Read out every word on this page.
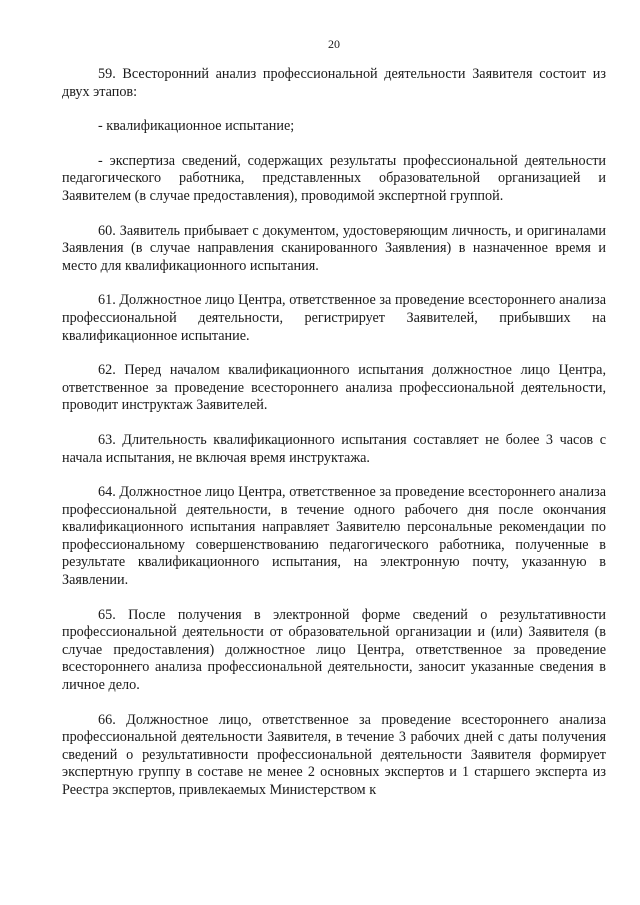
20

59. Всесторонний анализ профессиональной деятельности Заявителя состоит из двух этапов:

- квалификационное испытание;

- экспертиза сведений, содержащих результаты профессиональной деятельности педагогического работника, представленных образовательной организацией и Заявителем (в случае предоставления), проводимой экспертной группой.

60. Заявитель прибывает с документом, удостоверяющим личность, и оригиналами Заявления (в случае направления сканированного Заявления) в назначенное время и место для квалификационного испытания.

61. Должностное лицо Центра, ответственное за проведение всестороннего анализа профессиональной деятельности, регистрирует Заявителей, прибывших на квалификационное испытание.

62. Перед началом квалификационного испытания должностное лицо Центра, ответственное за проведение всестороннего анализа профессиональной деятельности, проводит инструктаж Заявителей.

63. Длительность квалификационного испытания составляет не более 3 часов с начала испытания, не включая время инструктажа.

64. Должностное лицо Центра, ответственное за проведение всестороннего анализа профессиональной деятельности, в течение одного рабочего дня после окончания квалификационного испытания направляет Заявителю персональные рекомендации по профессиональному совершенствованию педагогического работника, полученные в результате квалификационного испытания, на электронную почту, указанную в Заявлении.

65. После получения в электронной форме сведений о результативности профессиональной деятельности от образовательной организации и (или) Заявителя (в случае предоставления) должностное лицо Центра, ответственное за проведение всестороннего анализа профессиональной деятельности, заносит указанные сведения в личное дело.

66. Должностное лицо, ответственное за проведение всестороннего анализа профессиональной деятельности Заявителя, в течение 3 рабочих дней с даты получения сведений о результативности профессиональной деятельности Заявителя формирует экспертную группу в составе не менее 2 основных экспертов и 1 старшего эксперта из Реестра экспертов, привлекаемых Министерством к
